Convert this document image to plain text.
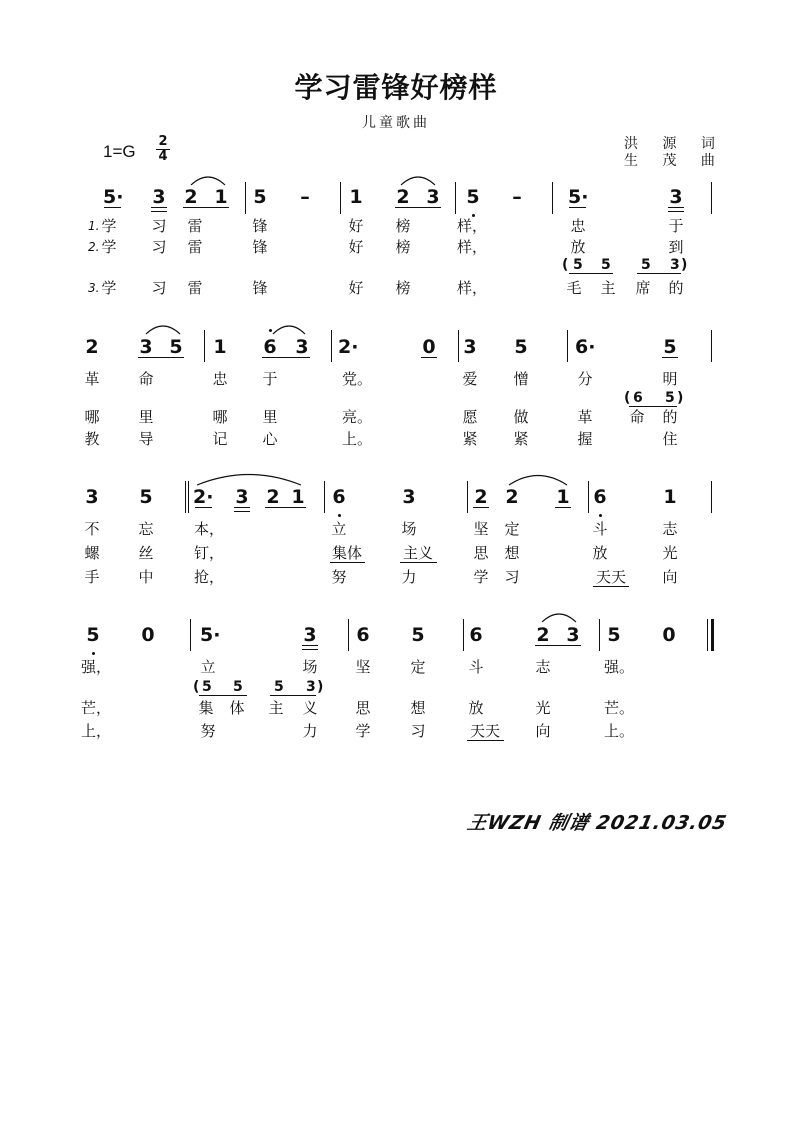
学习雷锋好榜样
儿童歌曲
1=G
2
4
洪 源 词
生 茂 曲
5· 3 2 1 5 – 1 2 3 5 – 5·	3
1.
2.
3.
学	习	雷	锋	好	榜	样，	忠	于
学	习	雷	锋	好	榜	样，	放	到
( 5 5 5 3 )
学	习	雷	锋	好	榜	样，	毛	主	席	的
2 3 5 1 6 3 2·	0 3 5 6·	5
革	命	忠	于	党。	爱	憎	分	明
( 6 5 )
哪	里	哪	里	亮。	愿	做	革	命	的
教	导	记	心	上。	紧	紧	握	住
3 5 2· 3 2 1 6	3	2 2 1 6	1
不	忘	本，	立	场	坚	定	斗	志
螺	丝	钉，	集体	主义	思	想	放	光
手	中	抢，	努	力	学	习	天天	向
5 0 5·	3 6 5 6	2 3 5 0
强，	立	场	坚	定	斗	志	强。
( 5 5 5 3 )
芒，	集	体	主	义	思	想	放	光	芒。
上，	努	力	学	习	天天	向	上。
王WZH 制谱 2021.03.05
